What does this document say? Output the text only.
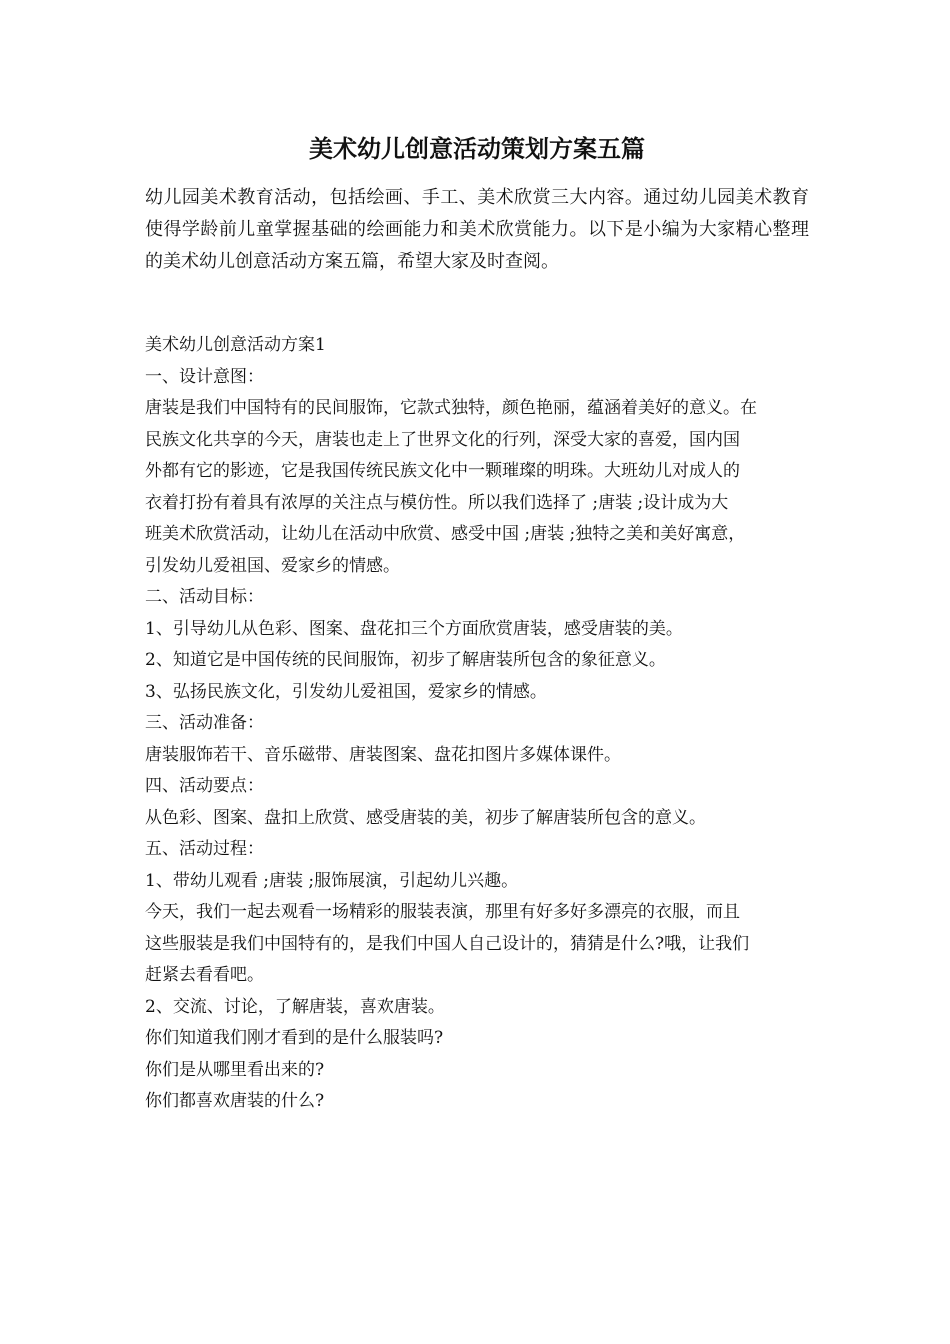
美术幼儿创意活动策划方案五篇

幼儿园美术教育活动，包括绘画、手工、美术欣赏三大内容。通过幼儿园美术教育使得学龄前儿童掌握基础的绘画能力和美术欣赏能力。以下是小编为大家精心整理的美术幼儿创意活动方案五篇，希望大家及时查阅。

美术幼儿创意活动方案1

一、设计意图：

唐装是我们中国特有的民间服饰，它款式独特，颜色艳丽，蕴涵着美好的意义。在

民族文化共享的今天，唐装也走上了世界文化的行列，深受大家的喜爱，国内国

外都有它的影迹，它是我国传统民族文化中一颗璀璨的明珠。大班幼儿对成人的

衣着打扮有着具有浓厚的关注点与模仿性。所以我们选择了 ;唐装 ;设计成为大

班美术欣赏活动，让幼儿在活动中欣赏、感受中国 ;唐装 ;独特之美和美好寓意，

引发幼儿爱祖国、爱家乡的情感。

二、活动目标：

1、引导幼儿从色彩、图案、盘花扣三个方面欣赏唐装，感受唐装的美。

2、知道它是中国传统的民间服饰，初步了解唐装所包含的象征意义。

3、弘扬民族文化，引发幼儿爱祖国，爱家乡的情感。

三、活动准备：

唐装服饰若干、音乐磁带、唐装图案、盘花扣图片多媒体课件。

四、活动要点：

从色彩、图案、盘扣上欣赏、感受唐装的美，初步了解唐装所包含的意义。

五、活动过程：

1、带幼儿观看 ;唐装 ;服饰展演，引起幼儿兴趣。

今天，我们一起去观看一场精彩的服装表演，那里有好多好多漂亮的衣服，而且

这些服装是我们中国特有的，是我们中国人自己设计的，猜猜是什么?哦，让我们

赶紧去看看吧。

2、交流、讨论，了解唐装，喜欢唐装。

你们知道我们刚才看到的是什么服装吗?

你们是从哪里看出来的?

你们都喜欢唐装的什么?
